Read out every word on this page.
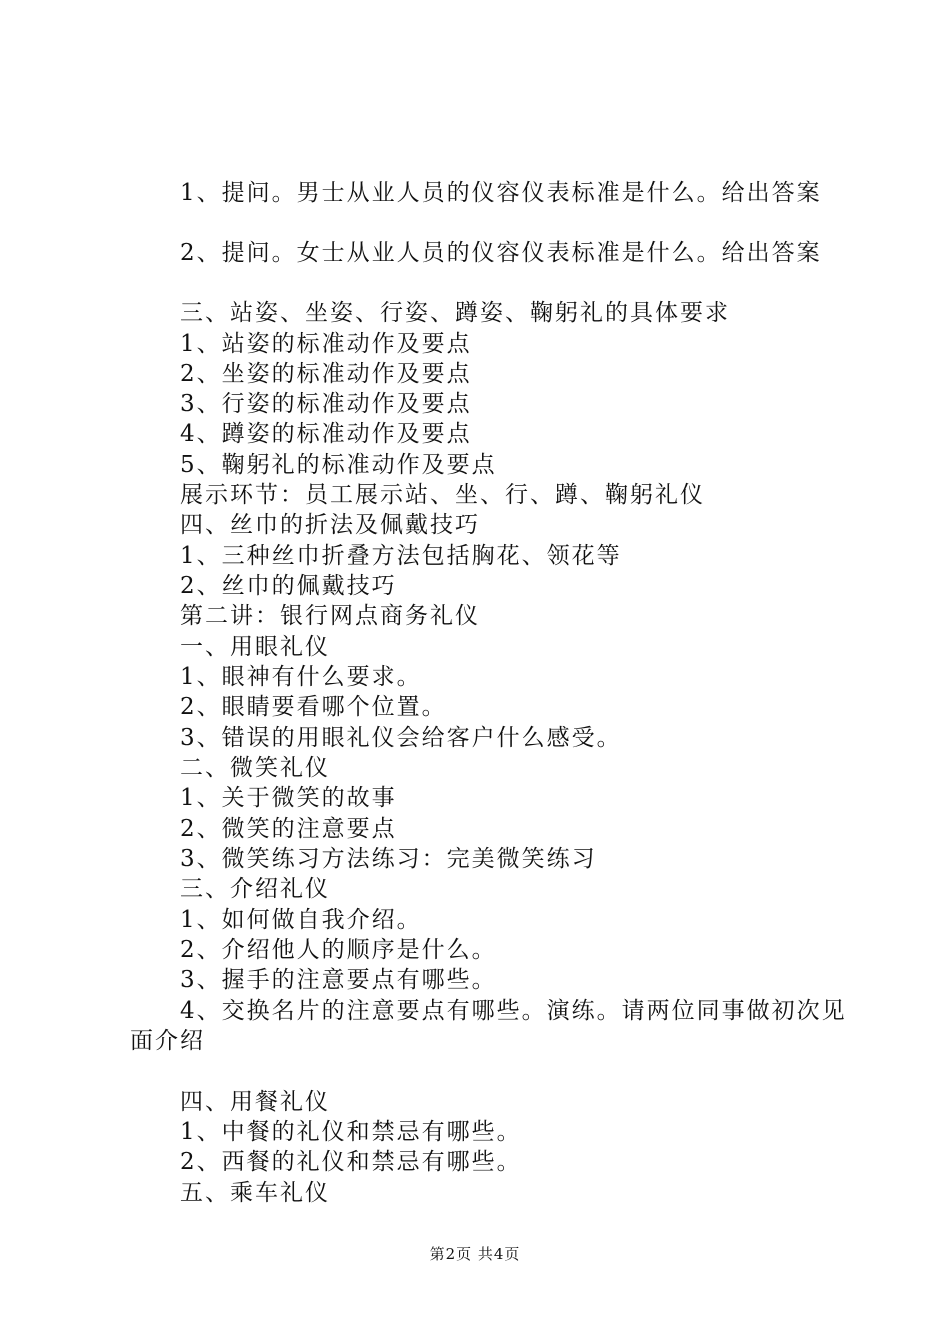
1、提问。男士从业人员的仪容仪表标准是什么。给出答案
2、提问。女士从业人员的仪容仪表标准是什么。给出答案
三、站姿、坐姿、行姿、蹲姿、鞠躬礼的具体要求
1、站姿的标准动作及要点
2、坐姿的标准动作及要点
3、行姿的标准动作及要点
4、蹲姿的标准动作及要点
5、鞠躬礼的标准动作及要点
展示环节：员工展示站、坐、行、蹲、鞠躬礼仪
四、丝巾的折法及佩戴技巧
1、三种丝巾折叠方法包括胸花、领花等
2、丝巾的佩戴技巧
第二讲：银行网点商务礼仪
一、用眼礼仪
1、眼神有什么要求。
2、眼睛要看哪个位置。
3、错误的用眼礼仪会给客户什么感受。
二、微笑礼仪
1、关于微笑的故事
2、微笑的注意要点
3、微笑练习方法练习：完美微笑练习
三、介绍礼仪
1、如何做自我介绍。
2、介绍他人的顺序是什么。
3、握手的注意要点有哪些。
4、交换名片的注意要点有哪些。演练。请两位同事做初次见面介绍
四、用餐礼仪
1、中餐的礼仪和禁忌有哪些。
2、西餐的礼仪和禁忌有哪些。
五、乘车礼仪
第2页 共4页
